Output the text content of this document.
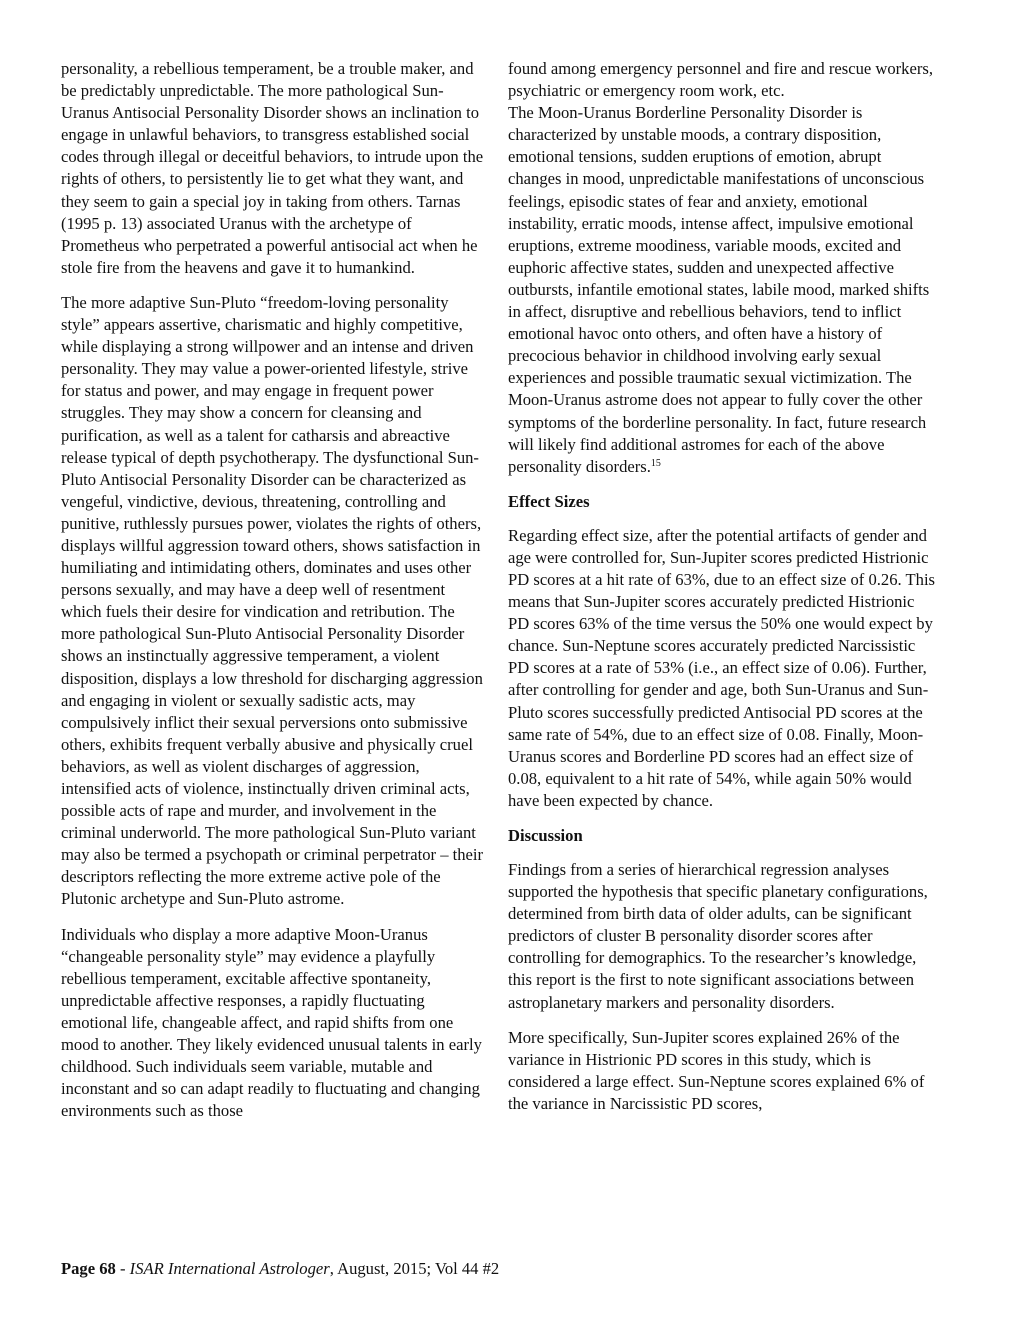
personality, a rebellious temperament, be a trouble maker, and be predictably unpredictable. The more pathological Sun-Uranus Antisocial Personality Disorder shows an inclination to engage in unlawful behaviors, to transgress established social codes through illegal or deceitful behaviors, to intrude upon the rights of others, to persistently lie to get what they want, and they seem to gain a special joy in taking from others. Tarnas (1995 p. 13) associated Uranus with the archetype of Prometheus who perpetrated a powerful antisocial act when he stole fire from the heavens and gave it to humankind.

The more adaptive Sun-Pluto “freedom-loving personality style” appears assertive, charismatic and highly competitive, while displaying a strong willpower and an intense and driven personality. They may value a power-oriented lifestyle, strive for status and power, and may engage in frequent power struggles. They may show a concern for cleansing and purification, as well as a talent for catharsis and abreactive release typical of depth psychotherapy. The dysfunctional Sun-Pluto Antisocial Personality Disorder can be characterized as vengeful, vindictive, devious, threatening, controlling and punitive, ruthlessly pursues power, violates the rights of others, displays willful aggression toward others, shows satisfaction in humiliating and intimidating others, dominates and uses other persons sexually, and may have a deep well of resentment which fuels their desire for vindication and retribution. The more pathological Sun-Pluto Antisocial Personality Disorder shows an instinctually aggressive temperament, a violent disposition, displays a low threshold for discharging aggression and engaging in violent or sexually sadistic acts, may compulsively inflict their sexual perversions onto submissive others, exhibits frequent verbally abusive and physically cruel behaviors, as well as violent discharges of aggression, intensified acts of violence, instinctually driven criminal acts, possible acts of rape and murder, and involvement in the criminal underworld. The more pathological Sun-Pluto variant may also be termed a psychopath or criminal perpetrator – their descriptors reflecting the more extreme active pole of the Plutonic archetype and Sun-Pluto astrome.

Individuals who display a more adaptive Moon-Uranus “changeable personality style” may evidence a playfully rebellious temperament, excitable affective spontaneity, unpredictable affective responses, a rapidly fluctuating emotional life, changeable affect, and rapid shifts from one mood to another. They likely evidenced unusual talents in early childhood. Such individuals seem variable, mutable and inconstant and so can adapt readily to fluctuating and changing environments such as those

found among emergency personnel and fire and rescue workers, psychiatric or emergency room work, etc.

The Moon-Uranus Borderline Personality Disorder is characterized by unstable moods, a contrary disposition, emotional tensions, sudden eruptions of emotion, abrupt changes in mood, unpredictable manifestations of unconscious feelings, episodic states of fear and anxiety, emotional instability, erratic moods, intense affect, impulsive emotional eruptions, extreme moodiness, variable moods, excited and euphoric affective states, sudden and unexpected affective outbursts, infantile emotional states, labile mood, marked shifts in affect, disruptive and rebellious behaviors, tend to inflict emotional havoc onto others, and often have a history of precocious behavior in childhood involving early sexual experiences and possible traumatic sexual victimization. The Moon-Uranus astrome does not appear to fully cover the other symptoms of the borderline personality. In fact, future research will likely find additional astromes for each of the above personality disorders.$^{15}$

Effect Sizes

Regarding effect size, after the potential artifacts of gender and age were controlled for, Sun-Jupiter scores predicted Histrionic PD scores at a hit rate of 63%, due to an effect size of 0.26. This means that Sun-Jupiter scores accurately predicted Histrionic PD scores 63% of the time versus the 50% one would expect by chance. Sun-Neptune scores accurately predicted Narcissistic PD scores at a rate of 53% (i.e., an effect size of 0.06). Further, after controlling for gender and age, both Sun-Uranus and Sun-Pluto scores successfully predicted Antisocial PD scores at the same rate of 54%, due to an effect size of 0.08. Finally, Moon-Uranus scores and Borderline PD scores had an effect size of 0.08, equivalent to a hit rate of 54%, while again 50% would have been expected by chance.

Discussion

Findings from a series of hierarchical regression analyses supported the hypothesis that specific planetary configurations, determined from birth data of older adults, can be significant predictors of cluster B personality disorder scores after controlling for demographics. To the researcher’s knowledge, this report is the first to note significant associations between astroplanetary markers and personality disorders.

More specifically, Sun-Jupiter scores explained 26% of the variance in Histrionic PD scores in this study, which is considered a large effect. Sun-Neptune scores explained 6% of the variance in Narcissistic PD scores,

Page 68 - ISAR International Astrologer, August, 2015; Vol 44 #2
